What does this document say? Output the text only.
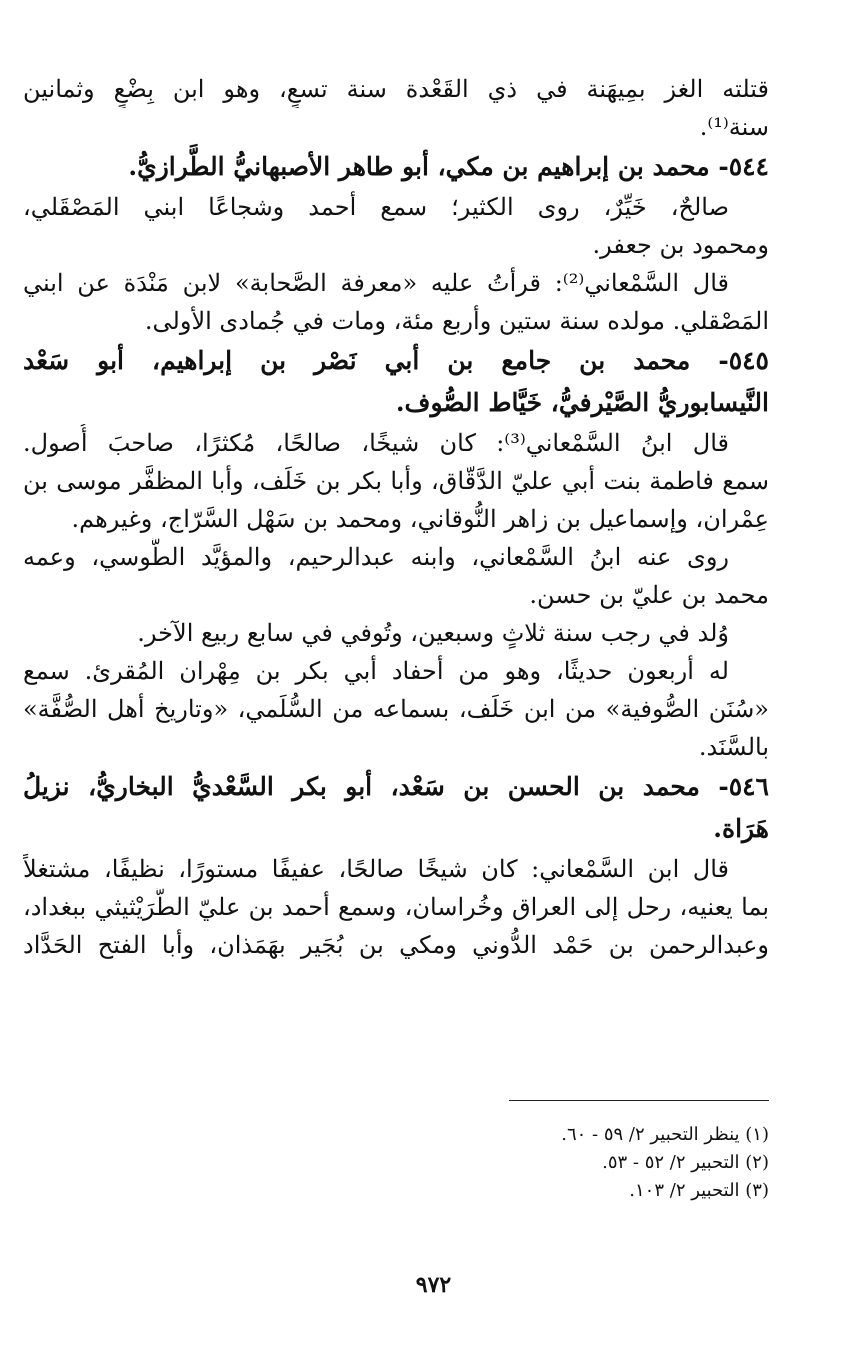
قتلته الغز بمِيهَنة في ذي القَعْدة سنة تسعٍ، وهو ابن بِضْعٍ وثمانين
سنة⁽¹⁾.
٥٤٤- محمد بن إبراهيم بن مكي، أبو طاهر الأصبهانيُّ الطَّرازيُّ.
صالحٌ، خَيِّرٌ، روى الكثير؛ سمع أحمد وشجاعًا ابني المَصْقَلي،
ومحمود بن جعفر.
قال السَّمْعاني⁽²⁾: قرأتُ عليه «معرفة الصَّحابة» لابن مَنْدَة عن ابني
المَصْقلي. مولده سنة ستين وأربع مئة، ومات في جُمادى الأولى.
٥٤٥- محمد بن جامع بن أبي نَصْر بن إبراهيم، أبو سَعْد
النَّيسابوريُّ الصَّيْرفيُّ، خَيَّاط الصُّوف.
قال ابنُ السَّمْعاني⁽³⁾: كان شيخًا، صالحًا، مُكثرًا، صاحبَ أُصول.
سمع فاطمة بنت أبي عليّ الدَّقّاق، وأبا بكر بن خَلَف، وأبا المظفَّر موسى بن
عِمْران، وإسماعيل بن زاهر النُّوقاني، ومحمد بن سَهْل السَّرّاج، وغيرهم.
روى عنه ابنُ السَّمْعاني، وابنه عبدالرحيم، والمؤيَّد الطُّوسي، وعمه
محمد بن عليّ بن حسن.
وُلد في رجب سنة ثلاثٍ وسبعين، وتُوفي في سابع ربيع الآخر.
له أربعون حديثًا، وهو من أحفاد أبي بكر بن مِهْران المُقرئ. سمع
«سُنَن الصُّوفية» من ابن خَلَف، بسماعه من السُّلَمي، «وتاريخ أهل الصُّفَّة»
بالسَّنَد.
٥٤٦- محمد بن الحسن بن سَعْد، أبو بكر السَّعْديُّ البخاريُّ، نزيلُ
هَرَاة.
قال ابن السَّمْعاني: كان شيخًا صالحًا، عفيفًا مستورًا، نظيفًا، مشتغلاً
بما يعنيه، رحل إلى العراق وخُراسان، وسمع أحمد بن عليّ الطُّرَيْثيثي ببغداد،
وعبدالرحمن بن حَمْد الدُّوني ومكي بن بُجَير بهَمَذان، وأبا الفتح الحَدَّاد
(١) ينظر التحبير ٢/ ٥٩ - ٦٠.
(٢) التحبير ٢/ ٥٢ - ٥٣.
(٣) التحبير ٢/ ١٠٣.
٩٧٢
